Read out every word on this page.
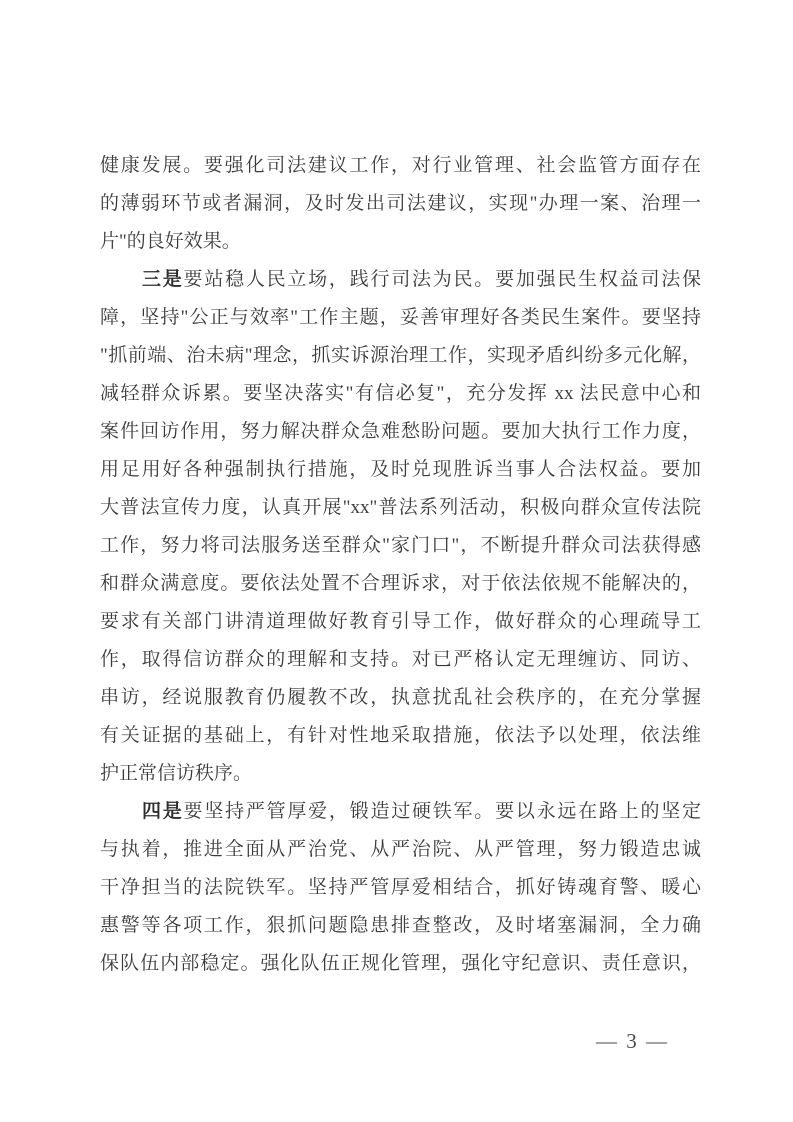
健康发展。要强化司法建议工作，对行业管理、社会监管方面存在
的薄弱环节或者漏洞，及时发出司法建议，实现"办理一案、治理一
片"的良好效果。
三是要站稳人民立场，践行司法为民。要加强民生权益司法保
障，坚持"公正与效率"工作主题，妥善审理好各类民生案件。要坚持
"抓前端、治未病"理念，抓实诉源治理工作，实现矛盾纠纷多元化解，
减轻群众诉累。要坚决落实"有信必复"，充分发挥 xx 法民意中心和
案件回访作用，努力解决群众急难愁盼问题。要加大执行工作力度，
用足用好各种强制执行措施，及时兑现胜诉当事人合法权益。要加
大普法宣传力度，认真开展"xx"普法系列活动，积极向群众宣传法院
工作，努力将司法服务送至群众"家门口"，不断提升群众司法获得感
和群众满意度。要依法处置不合理诉求，对于依法依规不能解决的，
要求有关部门讲清道理做好教育引导工作，做好群众的心理疏导工
作，取得信访群众的理解和支持。对已严格认定无理缠访、同访、
串访，经说服教育仍履教不改，执意扰乱社会秩序的，在充分掌握
有关证据的基础上，有针对性地采取措施，依法予以处理，依法维
护正常信访秩序。
四是要坚持严管厚爱，锻造过硬铁军。要以永远在路上的坚定
与执着，推进全面从严治党、从严治院、从严管理，努力锻造忠诚
干净担当的法院铁军。坚持严管厚爱相结合，抓好铸魂育警、暖心
惠警等各项工作，狠抓问题隐患排查整改，及时堵塞漏洞，全力确
保队伍内部稳定。强化队伍正规化管理，强化守纪意识、责任意识，
— 3 —
